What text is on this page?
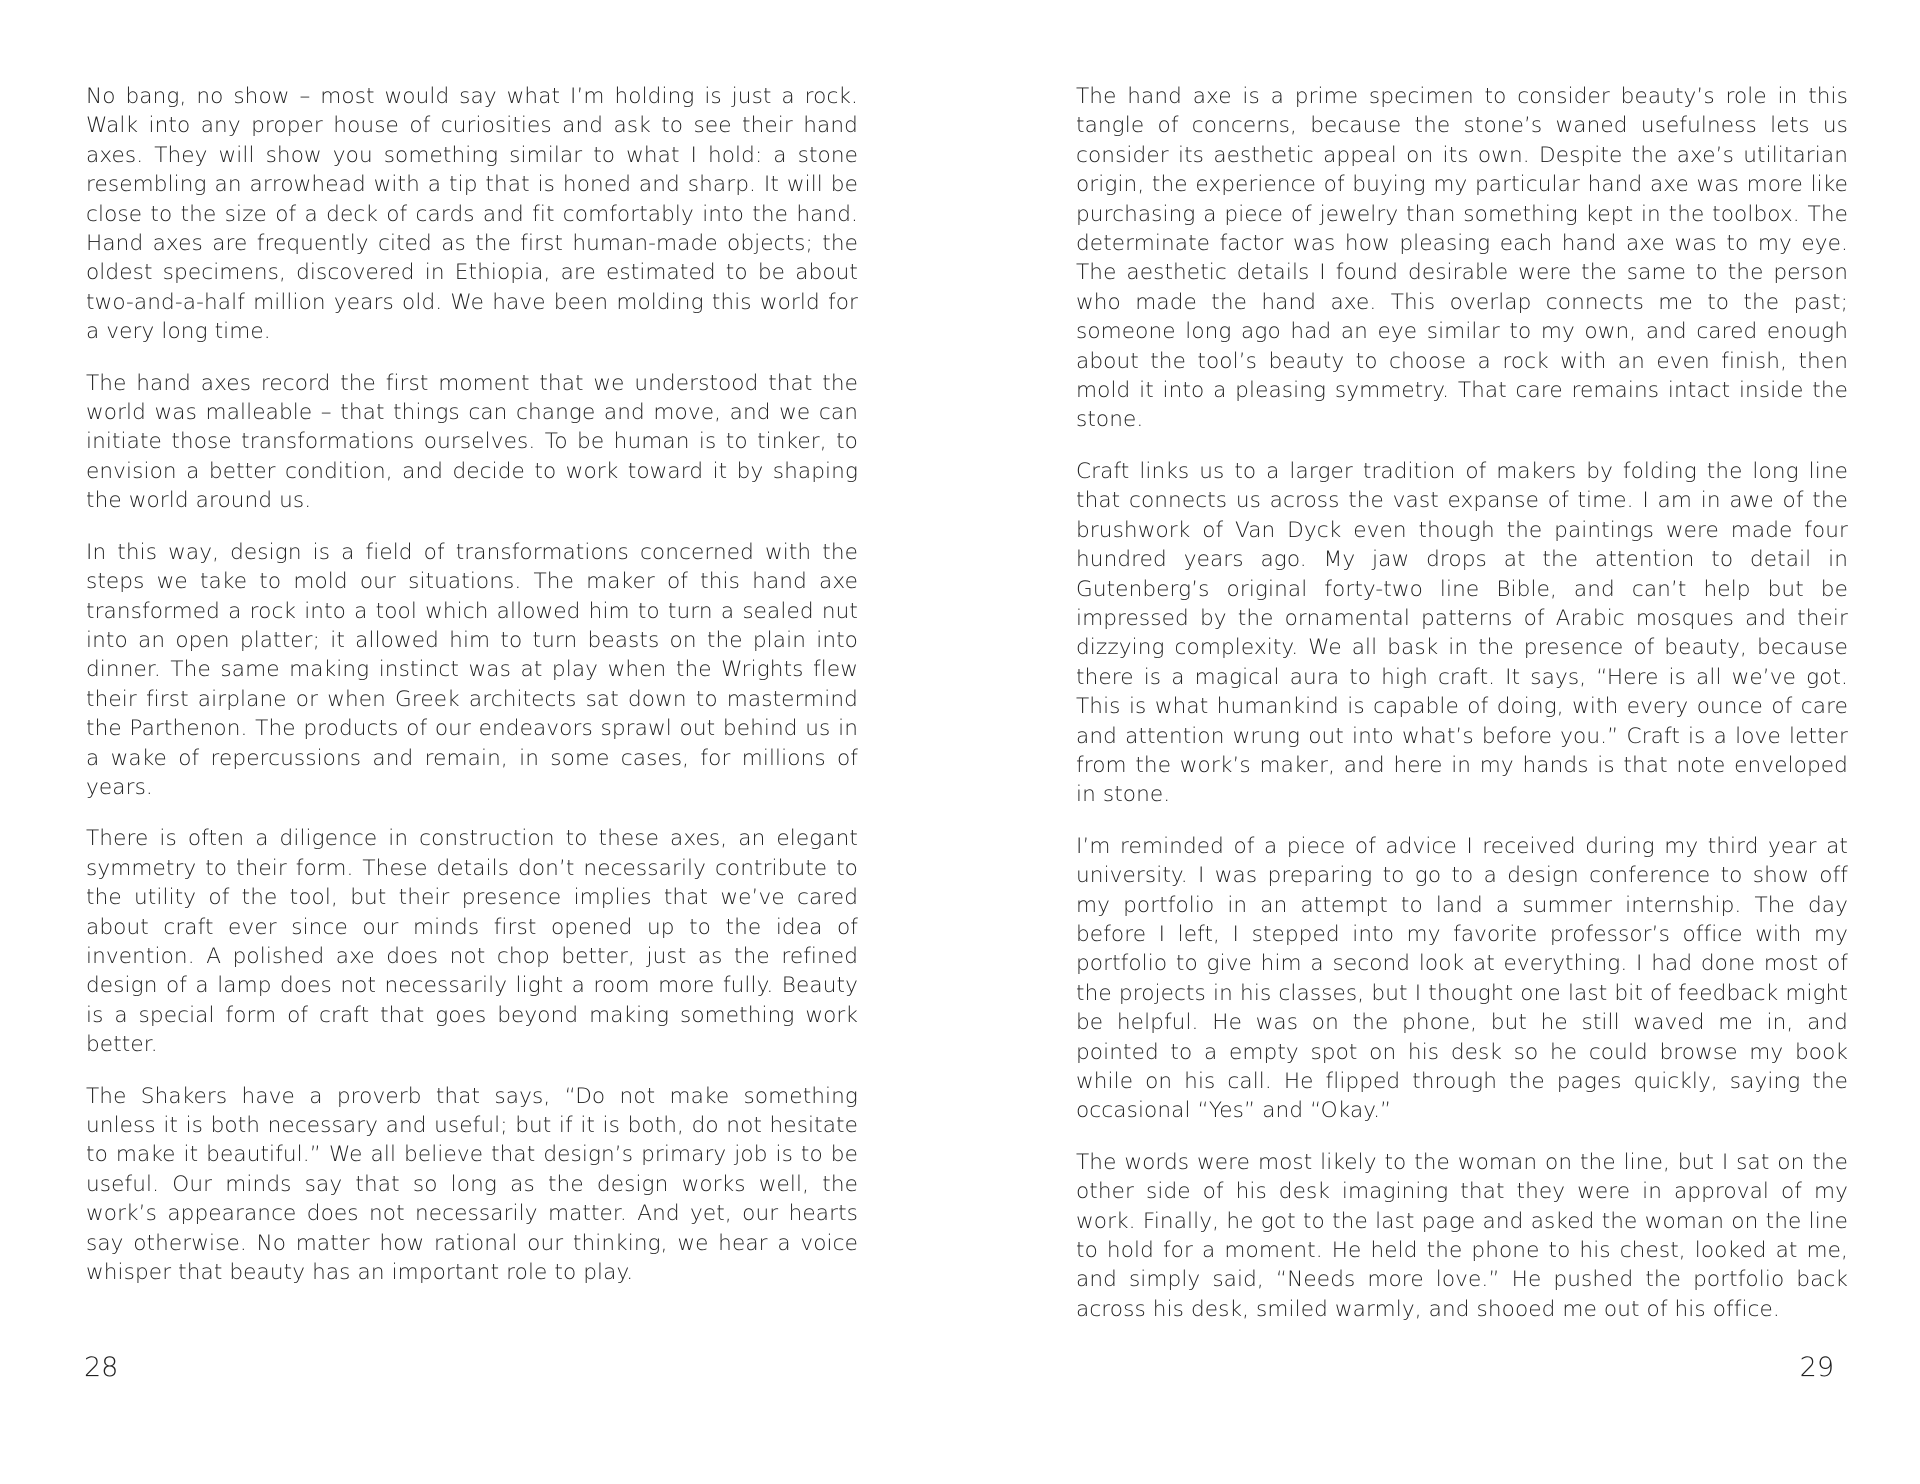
No bang, no show – most would say what I’m holding is just a rock. Walk into any proper house of curiosities and ask to see their hand axes. They will show you something similar to what I hold: a stone resembling an arrowhead with a tip that is honed and sharp. It will be close to the size of a deck of cards and fit comfortably into the hand. Hand axes are frequently cited as the first human-made objects; the oldest specimens, discovered in Ethiopia, are estimated to be about two-and-a-half million years old. We have been molding this world for a very long time.

The hand axes record the first moment that we understood that the world was malleable – that things can change and move, and we can initiate those transformations ourselves. To be human is to tinker, to envision a better condition, and decide to work toward it by shaping the world around us.

In this way, design is a field of transformations concerned with the steps we take to mold our situations. The maker of this hand axe transformed a rock into a tool which allowed him to turn a sealed nut into an open platter; it allowed him to turn beasts on the plain into dinner. The same making instinct was at play when the Wrights flew their first airplane or when Greek architects sat down to mastermind the Parthenon. The products of our endeavors sprawl out behind us in a wake of repercussions and remain, in some cases, for millions of years.

There is often a diligence in construction to these axes, an elegant symmetry to their form. These details don’t necessarily contribute to the utility of the tool, but their presence implies that we’ve cared about craft ever since our minds first opened up to the idea of invention. A polished axe does not chop better, just as the refined design of a lamp does not necessarily light a room more fully. Beauty is a special form of craft that goes beyond making something work better.

The Shakers have a proverb that says, “Do not make something unless it is both necessary and useful; but if it is both, do not hesitate to make it beautiful.” We all believe that design’s primary job is to be useful. Our minds say that so long as the design works well, the work’s appearance does not necessarily matter. And yet, our hearts say otherwise. No matter how rational our thinking, we hear a voice whisper that beauty has an important role to play.

28

The hand axe is a prime specimen to consider beauty’s role in this tangle of concerns, because the stone’s waned usefulness lets us consider its aesthetic appeal on its own. Despite the axe’s utilitarian origin, the experience of buying my particular hand axe was more like purchasing a piece of jewelry than something kept in the toolbox. The determinate factor was how pleasing each hand axe was to my eye. The aesthetic details I found desirable were the same to the person who made the hand axe. This overlap connects me to the past; someone long ago had an eye similar to my own, and cared enough about the tool’s beauty to choose a rock with an even finish, then mold it into a pleasing symmetry. That care remains intact inside the stone.

Craft links us to a larger tradition of makers by folding the long line that connects us across the vast expanse of time. I am in awe of the brushwork of Van Dyck even though the paintings were made four hundred years ago. My jaw drops at the attention to detail in Gutenberg’s original forty-two line Bible, and can’t help but be impressed by the ornamental patterns of Arabic mosques and their dizzying complexity. We all bask in the presence of beauty, because there is a magical aura to high craft. It says, “Here is all we’ve got. This is what humankind is capable of doing, with every ounce of care and attention wrung out into what’s before you.” Craft is a love letter from the work’s maker, and here in my hands is that note enveloped in stone.

I’m reminded of a piece of advice I received during my third year at university. I was preparing to go to a design conference to show off my portfolio in an attempt to land a summer internship. The day before I left, I stepped into my favorite professor’s office with my portfolio to give him a second look at everything. I had done most of the projects in his classes, but I thought one last bit of feedback might be helpful. He was on the phone, but he still waved me in, and pointed to a empty spot on his desk so he could browse my book while on his call. He flipped through the pages quickly, saying the occasional “Yes” and “Okay.”

The words were most likely to the woman on the line, but I sat on the other side of his desk imagining that they were in approval of my work. Finally, he got to the last page and asked the woman on the line to hold for a moment. He held the phone to his chest, looked at me, and simply said, “Needs more love.” He pushed the portfolio back across his desk, smiled warmly, and shooed me out of his office.

29
